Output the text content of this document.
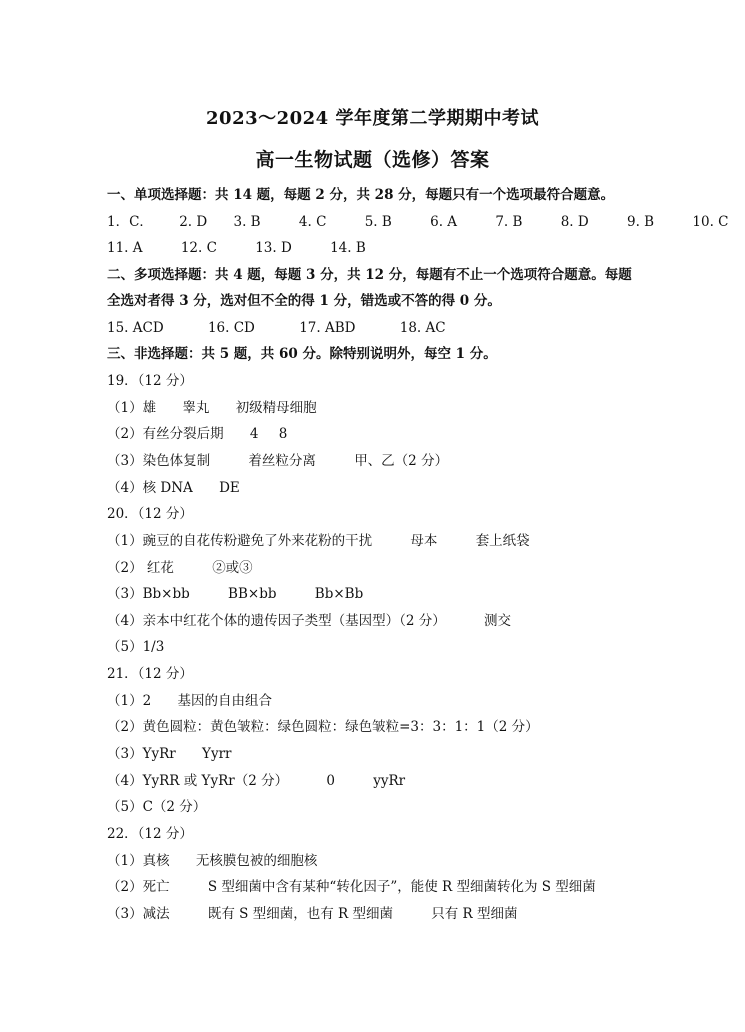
2023～2024 学年度第二学期期中考试
高一生物试题（选修）答案
一、单项选择题：共 14 题，每题 2 分，共 28 分，每题只有一个选项最符合题意。
1．C． 2. D 3. B	4. C	5. B	6. A	7. B	8. D	9. B	10. C
11. A	12. C	13. D	14. B
二、多项选择题：共 4 题，每题 3 分，共 12 分，每题有不止一个选项符合题意。每题
全选对者得 3 分，选对但不全的得 1 分，错选或不答的得 0 分。
15. ACD	16. CD	17. ABD	18. AC
三、非选择题：共 5 题，共 60 分。除特别说明外，每空 1 分。
19．（12 分）
（1）雄 睾丸 初级精母细胞
（2）有丝分裂后期 4 8
（3）染色体复制	着丝粒分离	甲、乙（2 分）
（4）核 DNA DE
20．（12 分）
（1）豌豆的自花传粉避免了外来花粉的干扰	母本	套上纸袋
（2） 红花	②或③
（3）Bb×bb	BB×bb	Bb×Bb
（4）亲本中红花个体的遗传因子类型（基因型）（2 分）	测交
（5）1/3
21．（12 分）
（1）2 基因的自由组合
（2）黄色圆粒：黄色皱粒：绿色圆粒：绿色皱粒=3：3：1：1（2 分）
（3）YyRr Yyrr
（4）YyRR 或 YyRr（2 分）	0	yyRr
（5）C（2 分）
22．（12 分）
（1）真核 无核膜包被的细胞核
（2）死亡	S 型细菌中含有某种“转化因子”，能使 R 型细菌转化为 S 型细菌
（3）减法	既有 S 型细菌，也有 R 型细菌	只有 R 型细菌
